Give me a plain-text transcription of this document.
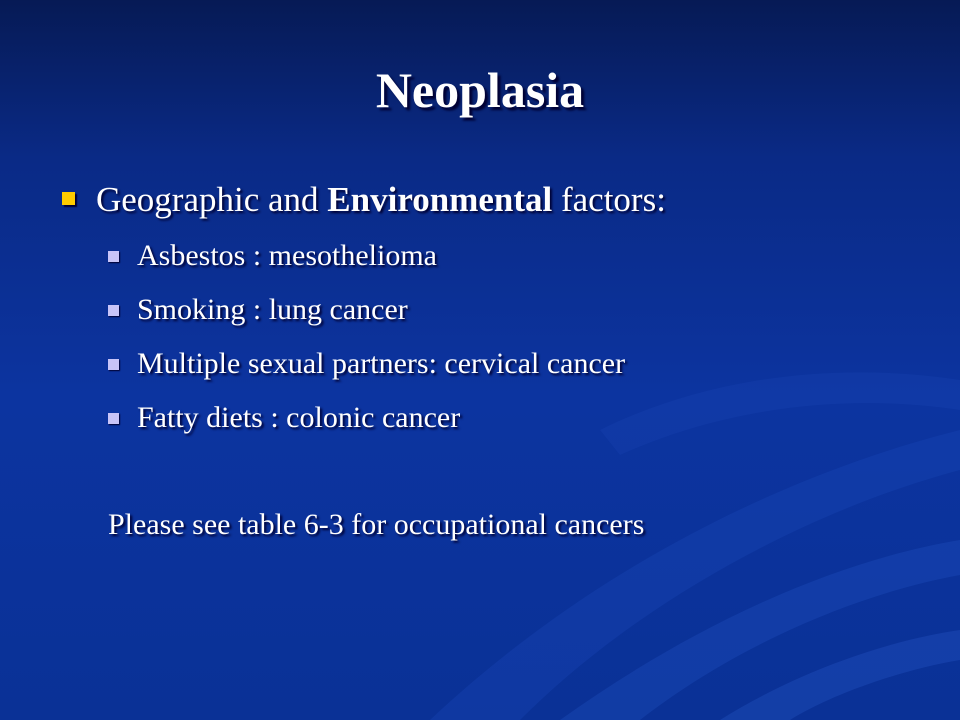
Neoplasia
Geographic and Environmental factors:
Asbestos : mesothelioma
Smoking : lung cancer
Multiple sexual partners: cervical cancer
Fatty diets : colonic cancer
Please see table 6-3 for occupational cancers
